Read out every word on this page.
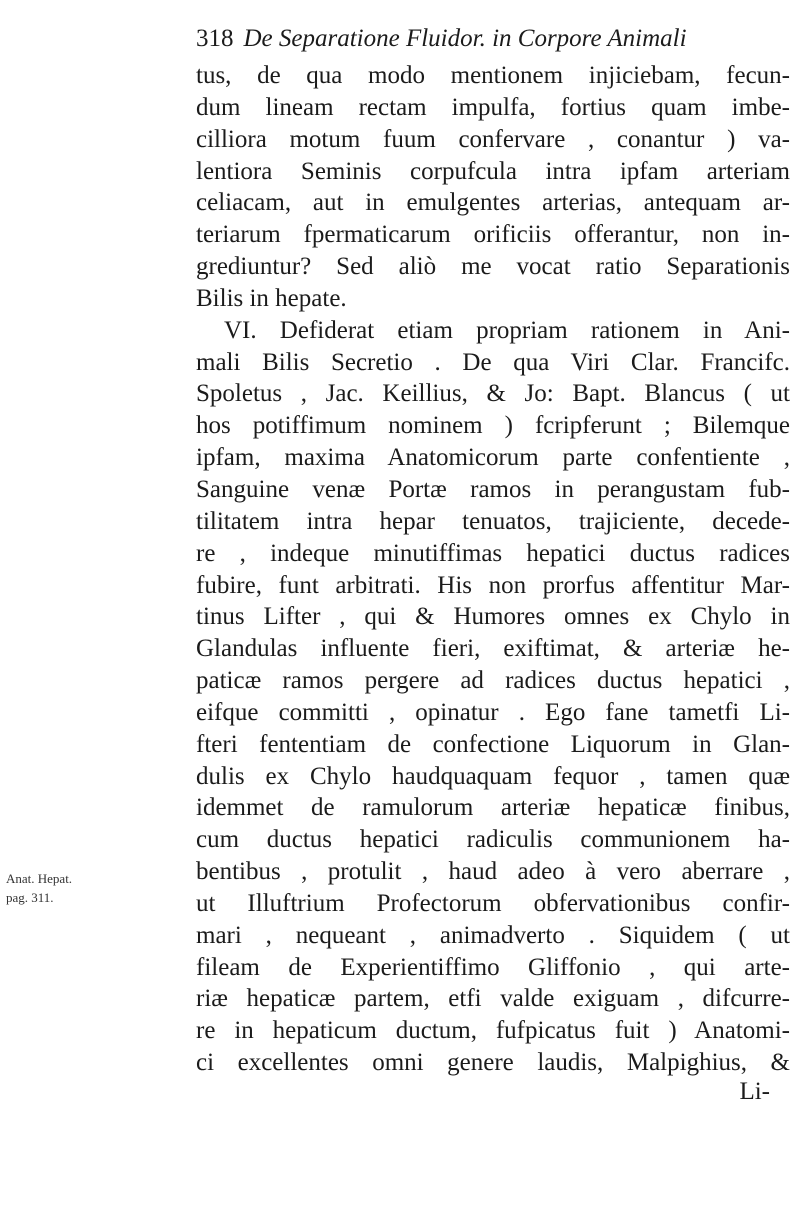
318 De Separatione Fluidor. in Corpore Animali
Anat. Hepat.
pag. 311.
tus, de qua modo mentionem injiciebam, fecun-
dum lineam rectam impulfa, fortius quam imbe-
cilliora motum fuum confervare , conantur ) va-
lentiora Seminis corpufcula intra ipfam arteriam
celiacam, aut in emulgentes arterias, antequam ar-
teriarum fpermaticarum orificiis offerantur, non in-
grediuntur? Sed aliò me vocat ratio Separationis
Bilis in hepate.
VI. Defiderat etiam propriam rationem in Ani-
mali Bilis Secretio . De qua Viri Clar. Francifc.
Spoletus , Jac. Keillius, & Jo: Bapt. Blancus ( ut
hos potiffimum nominem ) fcripferunt ; Bilemque
ipfam, maxima Anatomicorum parte confentiente ,
Sanguine venæ Portæ ramos in perangustam fub-
tilitatem intra hepar tenuatos, trajiciente, decede-
re , indeque minutiffimas hepatici ductus radices
fubire, funt arbitrati. His non prorfus affentitur Mar-
tinus Lifter , qui & Humores omnes ex Chylo in
Glandulas influente fieri, exiftimat, & arteriæ he-
paticæ ramos pergere ad radices ductus hepatici ,
eifque committi , opinatur . Ego fane tametfi Li-
fteri fententiam de confectione Liquorum in Glan-
dulis ex Chylo haudquaquam fequor , tamen quæ
idemmet de ramulorum arteriæ hepaticæ finibus,
cum ductus hepatici radiculis communionem ha-
bentibus , protulit , haud adeo à vero aberrare ,
ut Illuftrium Profectorum obfervationibus confir-
mari , nequeant , animadverto . Siquidem ( ut
fileam de Experientiffimo Gliffonio , qui arte-
riæ hepaticæ partem, etfi valde exiguam , difcurre-
re in hepaticum ductum, fufpicatus fuit ) Anatomi-
ci excellentes omni genere laudis, Malpighius, &
Li-
